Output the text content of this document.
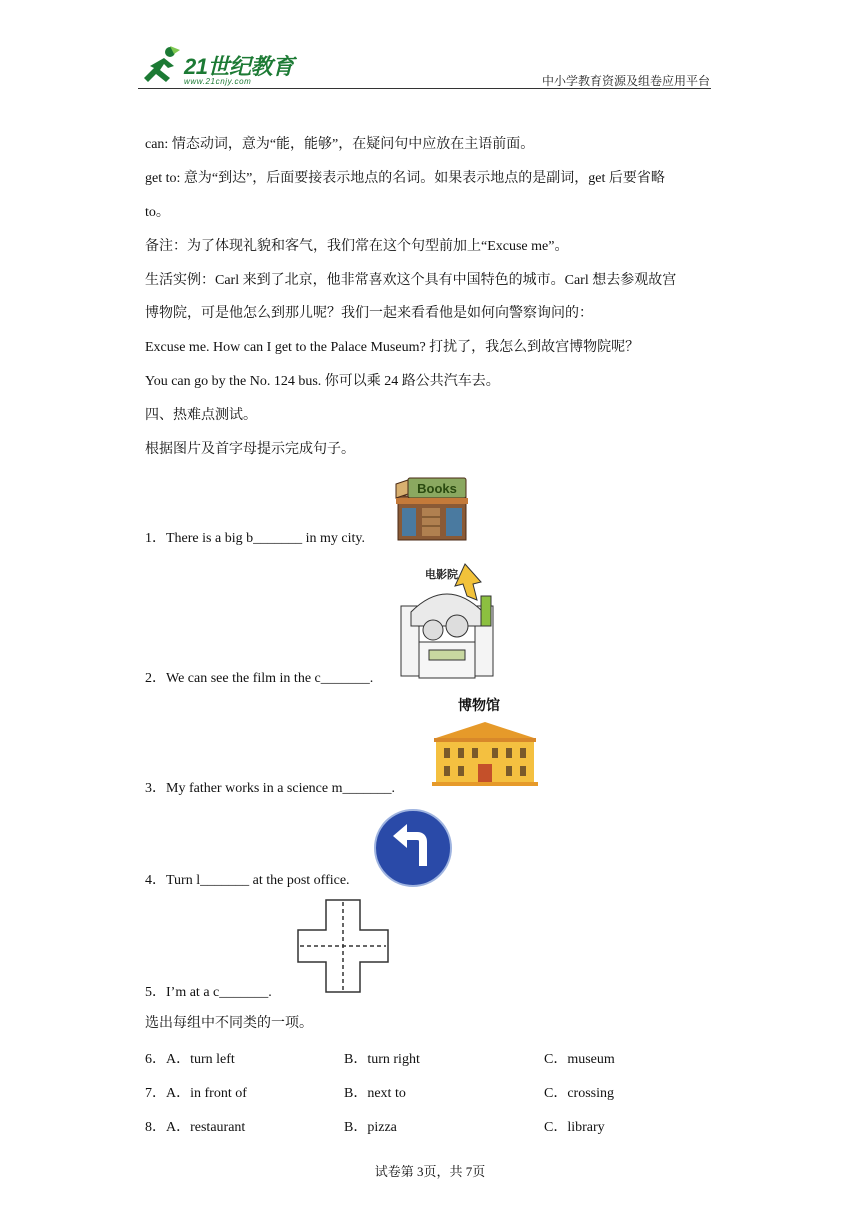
21世纪教育
www.21cnjy.com	中小学教育资源及组卷应用平台
can: 情态动词，意为“能，能够”，在疑问句中应放在主语前面。
get to: 意为“到达”，后面要接表示地点的名词。如果表示地点的是副词，get 后要省略
to。
备注：为了体现礼貌和客气，我们常在这个句型前加上“Excuse me”。
生活实例：Carl 来到了北京，他非常喜欢这个具有中国特色的城市。Carl 想去参观故宫
博物院，可是他怎么到那儿呢？我们一起来看看他是如何向警察询问的：
Excuse me. How can I get to the Palace Museum? 打扰了，我怎么到故宫博物院呢？
You can go by the No. 124 bus. 你可以乘 24 路公共汽车去。
四、热难点测试。
根据图片及首字母提示完成句子。
1．There is a big b_______ in my city.
Books
2．We can see the film in the c_______.
电影院
3．My father works in a science m_______.
博物馆
4．Turn l_______ at the post office.
5．I’m at a c_______.
选出每组中不同类的一项。
6．A．turn left	B．turn right	C．museum
7．A．in front of	B．next to	C．crossing
8．A．restaurant	B．pizza	C．library
试卷第 3页，共 7页
